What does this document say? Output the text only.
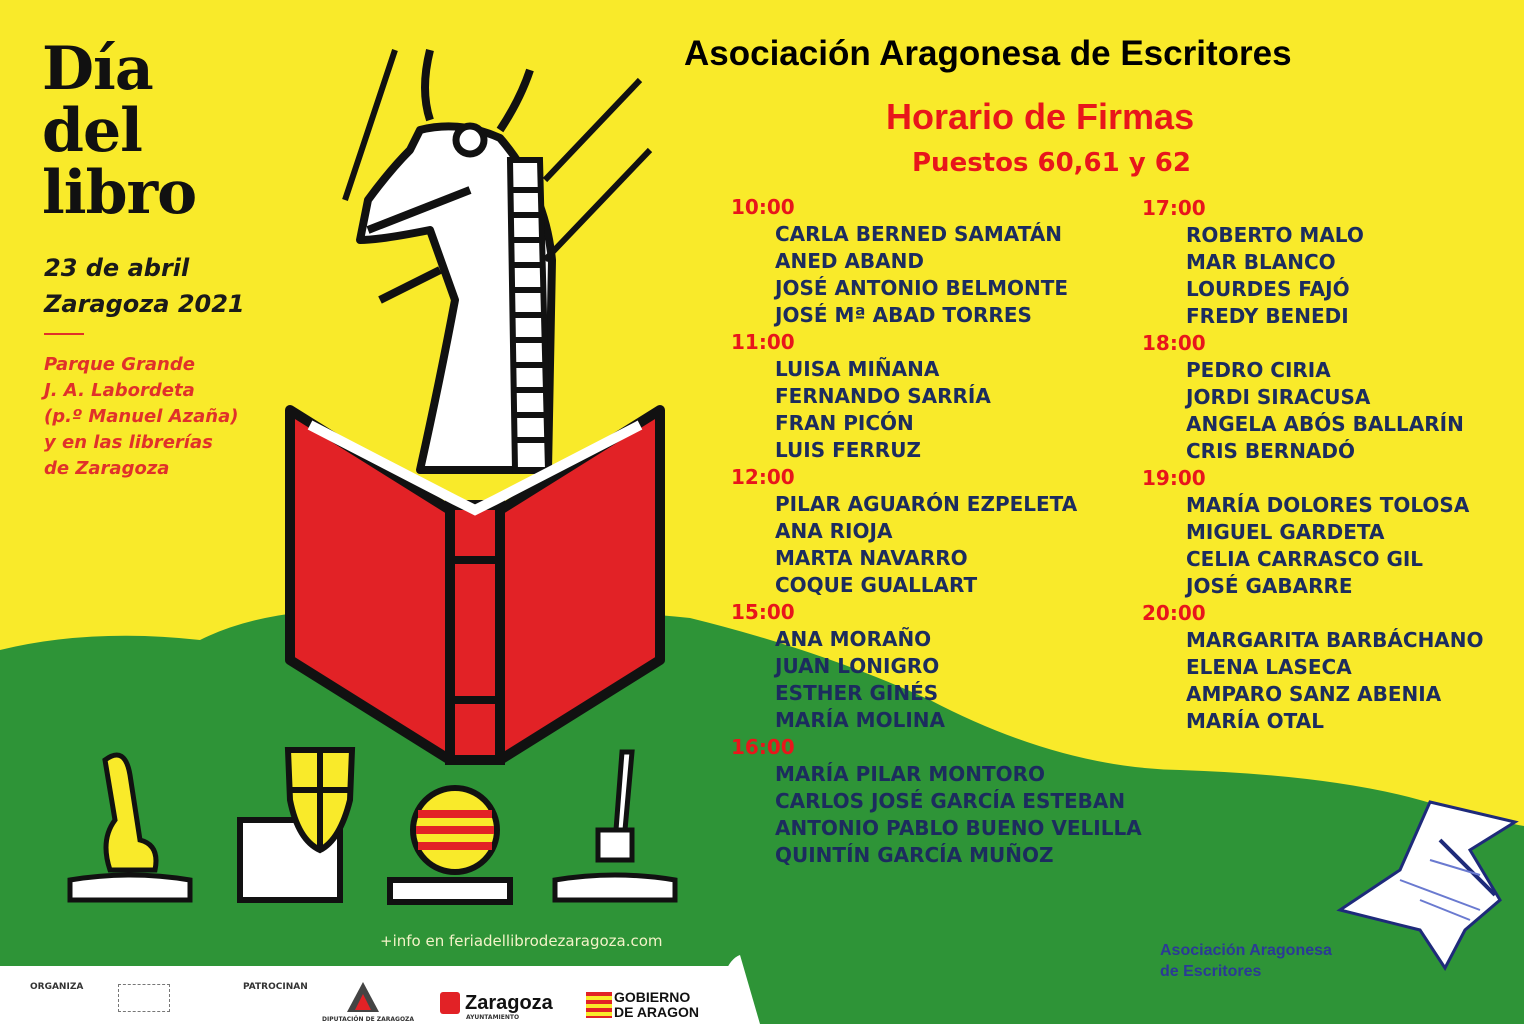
Día
del
libro
23 de abril
Zaragoza 2021
Parque Grande
J. A. Labordeta
(p.º Manuel Azaña)
y en las librerías
de Zaragoza
Asociación Aragonesa de Escritores
Horario de Firmas
Puestos 60,61 y 62
10:00
CARLA BERNED SAMATÁN
ANED ABAND
JOSÉ ANTONIO BELMONTE
JOSÉ Mª ABAD TORRES
11:00
LUISA MIÑANA
FERNANDO SARRÍA
FRAN PICÓN
LUIS FERRUZ
12:00
PILAR AGUARÓN EZPELETA
ANA RIOJA
MARTA NAVARRO
COQUE GUALLART
15:00
ANA MORAÑO
JUAN LONIGRO
ESTHER GINÉS
MARÍA MOLINA
16:00
MARÍA PILAR MONTORO
CARLOS JOSÉ GARCÍA ESTEBAN
ANTONIO PABLO BUENO VELILLA
QUINTÍN GARCÍA MUÑOZ
17:00
ROBERTO MALO
MAR BLANCO
LOURDES FAJÓ
FREDY BENEDI
18:00
PEDRO CIRIA
JORDI SIRACUSA
ANGELA ABÓS BALLARÍN
CRIS BERNADÓ
19:00
MARÍA DOLORES TOLOSA
MIGUEL GARDETA
CELIA CARRASCO GIL
JOSÉ GABARRE
20:00
MARGARITA BARBÁCHANO
ELENA LASECA
AMPARO SANZ ABENIA
MARÍA OTAL
+info en feriadellibrodezaragoza.com
ORGANIZA	PATROCINAN
DIPUTACIÓN DE ZARAGOZA
Zaragoza
AYUNTAMIENTO
GOBIERNO
DE ARAGON
Asociación Aragonesa
de Escritores
